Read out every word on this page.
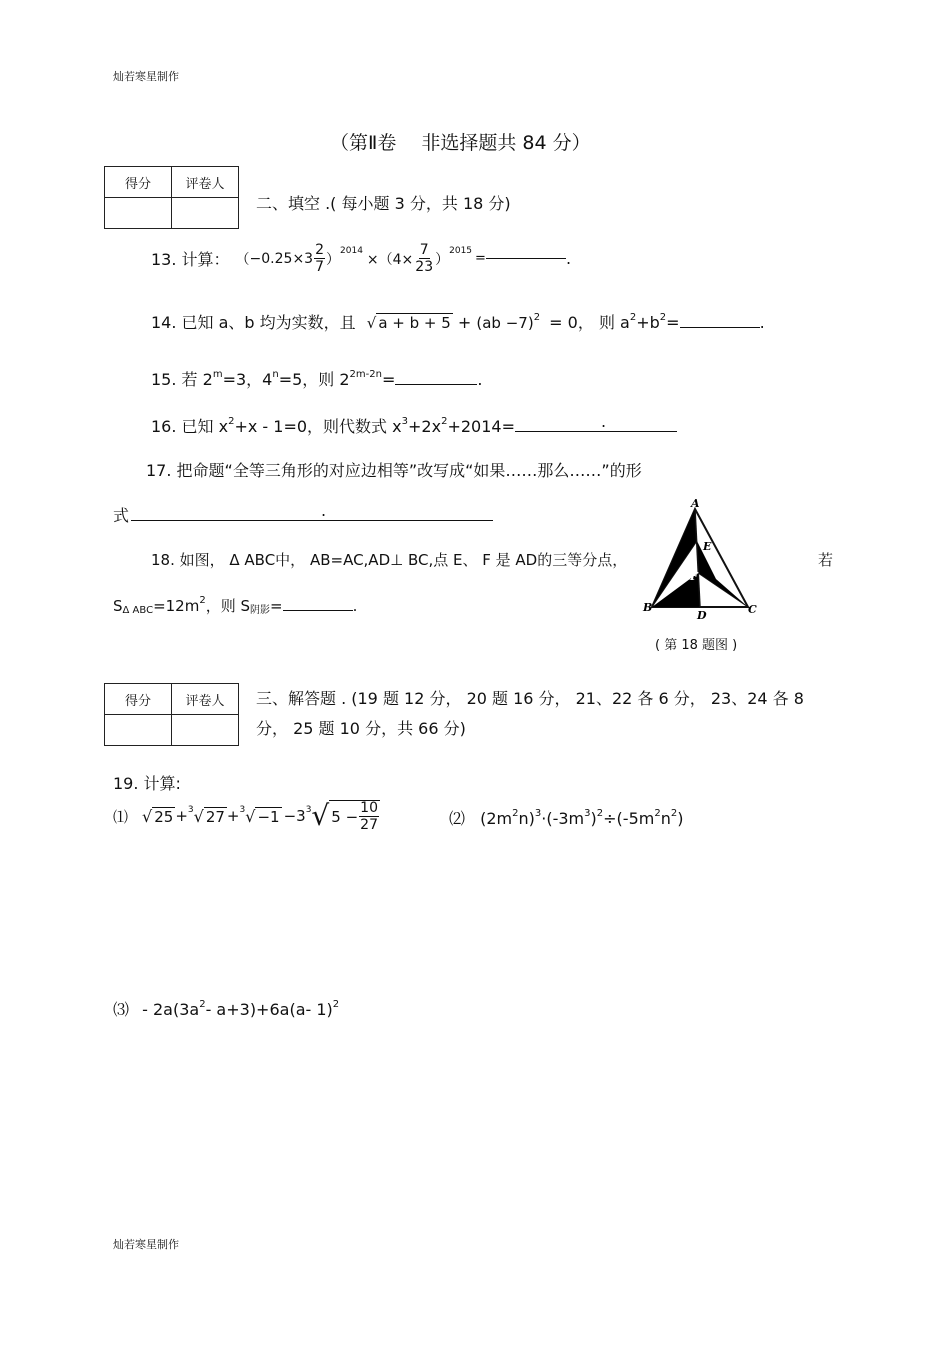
灿若寒星制作
灿若寒星制作
（第Ⅱ卷　 非选择题共 84 分）
得分	评卷人

二、填空 .( 每小题 3 分，共 18 分)
13. 计算： （ $-0.25 \times 3 \frac{2}{7}$ ）
2014
$\times(4\times \frac{7}{23}$ ）
2015
=	.
14. 已知 a、b 均为实数，且 √ a + b + 5 + (ab −7)$^2$ = 0， 则 $a^2+b^2=$	.
15. 若 $2^m=3$，$4^n=5$，则 $2^{2m-2n}=$	.
16. 已知 $x^2+x - 1=0$，则代数式 $x^3+2x^2+2014=$	.
17. 把命题“全等三角形的对应边相等”改写成“如果……那么……”的形
式	.
18. 如图， Δ ABC中， AB=AC,AD⊥ BC,点 E、 F 是 AD的三等分点，	若
SΔ $ABC=12m^2$，则 S阴影=	.
A
B	C
D
E
F
( 第 18 题图 )
得分	评卷人
	三、解答题 . (19 题 12 分， 20 题 16 分， 21、22 各 6 分， 23、24 各 8
分， 25 题 10 分，共 66 分)
19. 计算:
⑴ √ 25 + 3 √ 27 + 3 √ −1 −3 3 √ $5 - \frac{10}{27}$	⑵ $(2m^2n)^3\cdot(-3m^3)^2\div(-5m^2n^2)$
⑶ - $2a(3a^2-$ a+3)+6a(a- 1)$^2$
